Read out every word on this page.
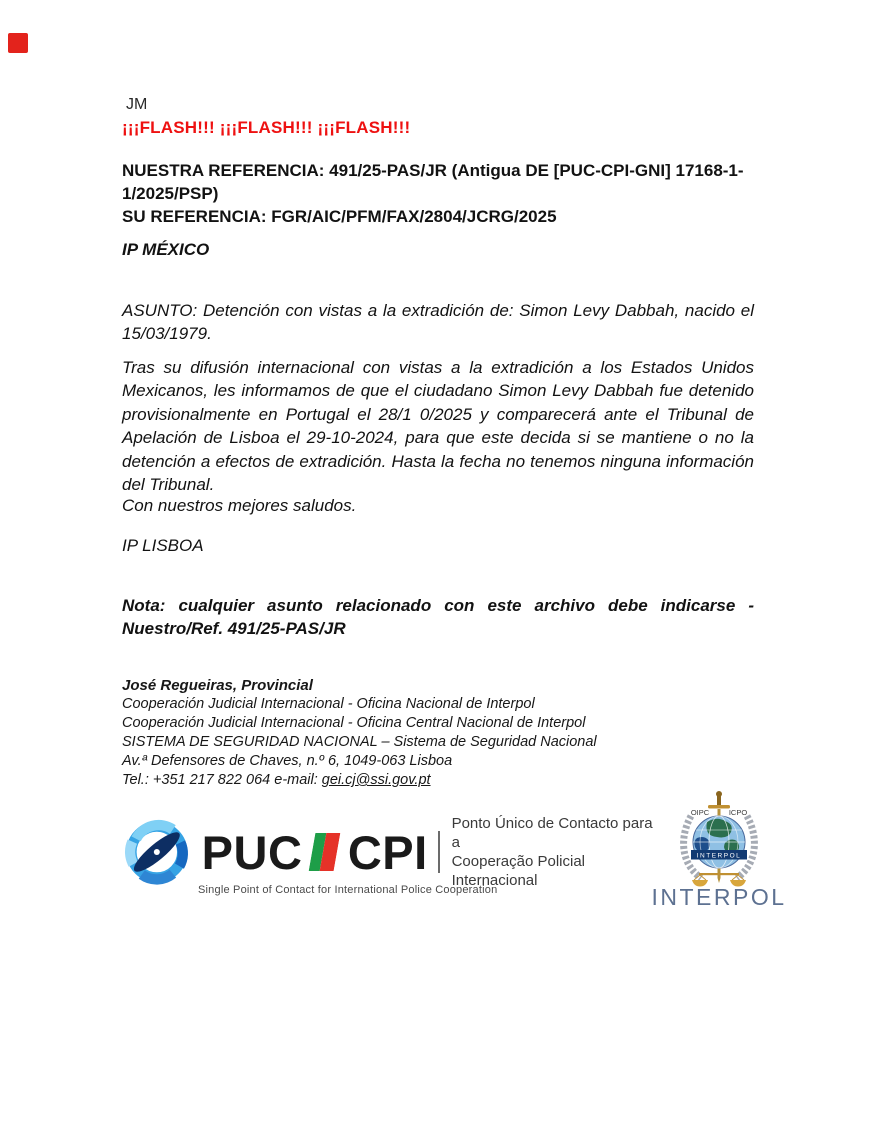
JM
¡¡¡FLASH!!! ¡¡¡FLASH!!! ¡¡¡FLASH!!!

NUESTRA REFERENCIA: 491/25-PAS/JR (Antigua DE [PUC-CPI-GNI] 17168-1-1/2025/PSP)

SU REFERENCIA: FGR/AIC/PFM/FAX/2804/JCRG/2025

IP MÉXICO
ASUNTO: Detención con vistas a la extradición de: Simon Levy Dabbah, nacido el 15/03/1979.
Tras su difusión internacional con vistas a la extradición a los Estados Unidos Mexicanos, les informamos de que el ciudadano Simon Levy Dabbah fue detenido provisionalmente en Portugal el 28/1 0/2025 y comparecerá ante el Tribunal de Apelación de Lisboa el 29-10-2024, para que este decida si se mantiene o no la detención a efectos de extradición. Hasta la fecha no tenemos ninguna información del Tribunal.
Con nuestros mejores saludos.
IP LISBOA
Nota: cualquier asunto relacionado con este archivo debe indicarse - Nuestro/Ref. 491/25-PAS/JR
José Regueiras, Provincial
Cooperación Judicial Internacional - Oficina Nacional de Interpol
Cooperación Judicial Internacional - Oficina Central Nacional de Interpol
SISTEMA DE SEGURIDAD NACIONAL – Sistema de Seguridad Nacional
Av.ª Defensores de Chaves, n.º 6, 1049-063 Lisboa
Tel.: +351 217 822 064 e-mail: gei.cj@ssi.gov.pt
PUC CPI
Ponto Único de Contacto para a
Cooperação Policial Internacional
Single Point of Contact for International Police Cooperation
OIPC	ICPO
INTERPOL
INTERPOL
